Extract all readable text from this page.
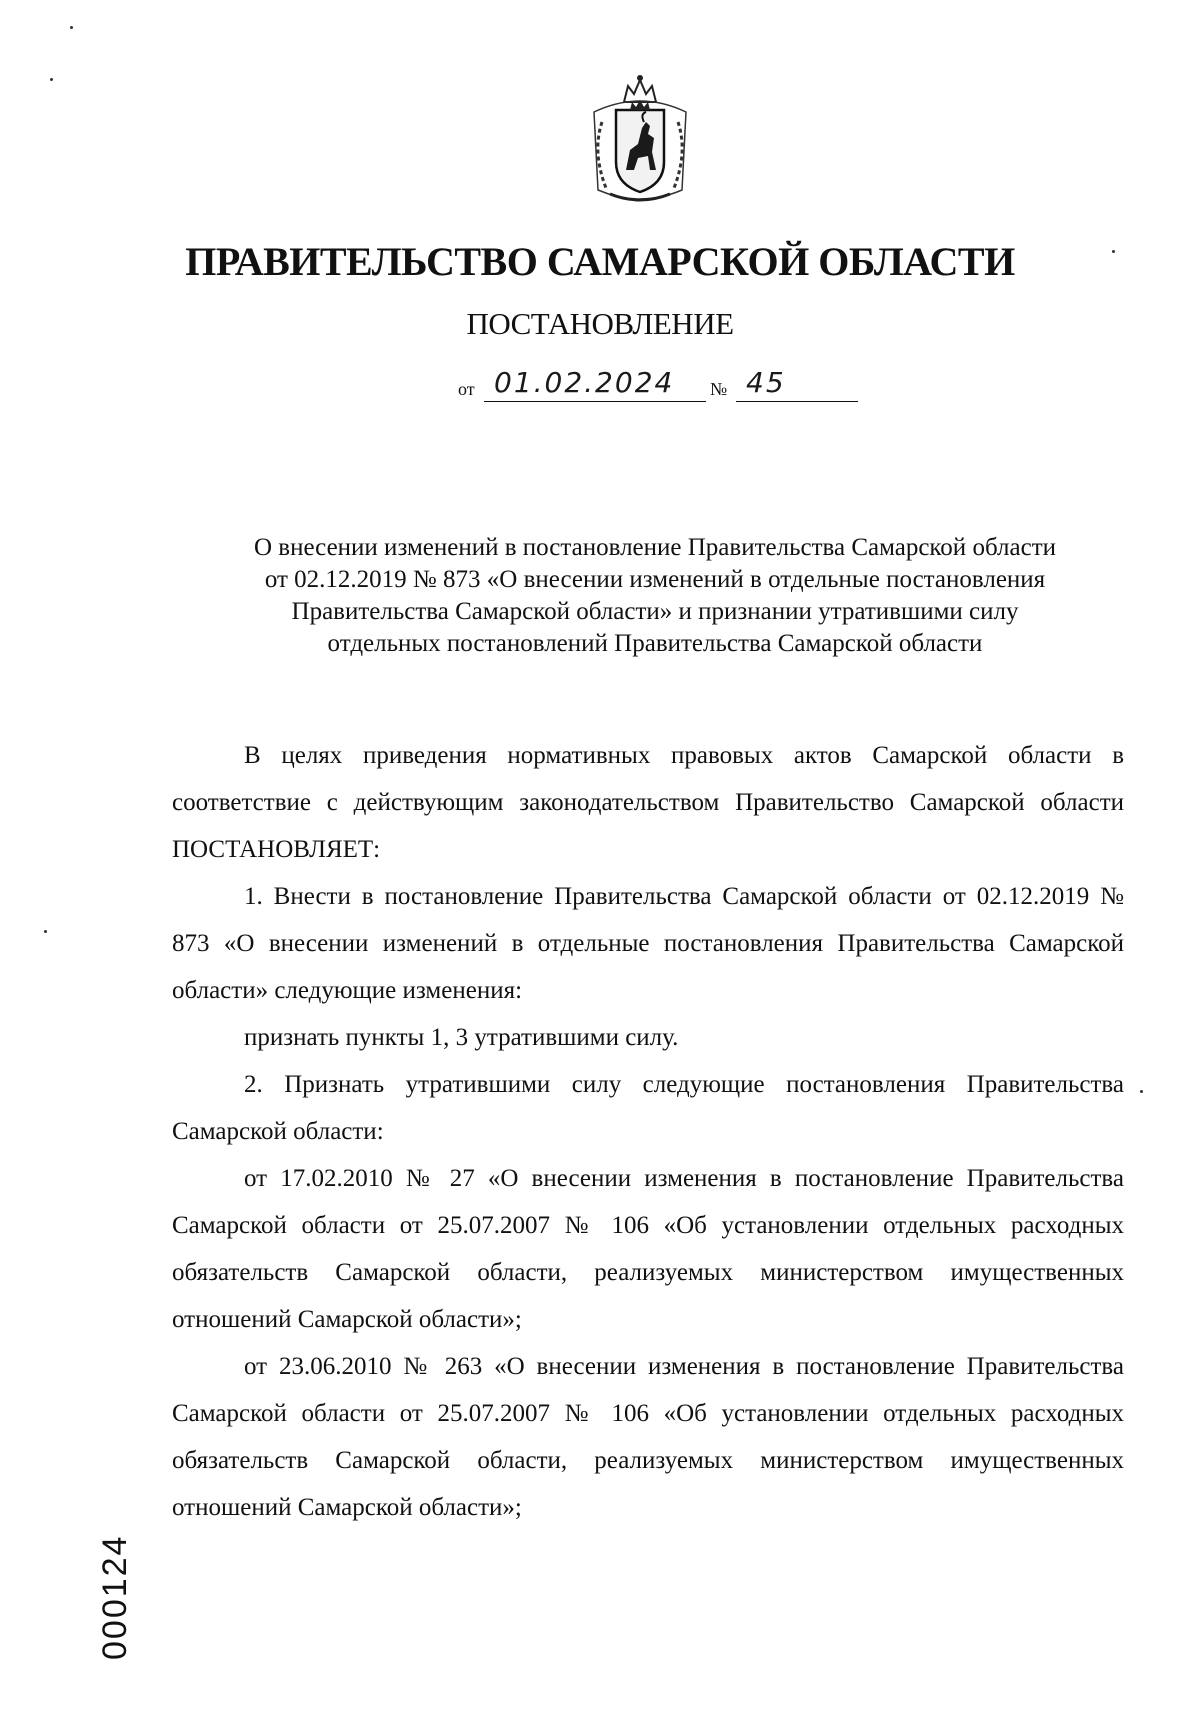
ПРАВИТЕЛЬСТВО САМАРСКОЙ ОБЛАСТИ
ПОСТАНОВЛЕНИЕ
от 01.02.2024	№ 45
О внесении изменений в постановление Правительства Самарской области
от 02.12.2019 № 873 «О внесении изменений в отдельные постановления
Правительства Самарской области» и признании утратившими силу
отдельных постановлений Правительства Самарской области

В целях приведения нормативных правовых актов Самарской области в соответствие с действующим законодательством Правительство Самарской области ПОСТАНОВЛЯЕТ:

1. Внести в постановление Правительства Самарской области от 02.12.2019 № 873 «О внесении изменений в отдельные постановления Правительства Самарской области» следующие изменения:

признать пункты 1, 3 утратившими силу.

2. Признать утратившими силу следующие постановления Правительства Самарской области:

от 17.02.2010 № 27 «О внесении изменения в постановление Правительства Самарской области от 25.07.2007 № 106 «Об установлении отдельных расходных обязательств Самарской области, реализуемых министерством имущественных отношений Самарской области»;

от 23.06.2010 № 263 «О внесении изменения в постановление Правительства Самарской области от 25.07.2007 № 106 «Об установлении отдельных расходных обязательств Самарской области, реализуемых министерством имущественных отношений Самарской области»;

000124
